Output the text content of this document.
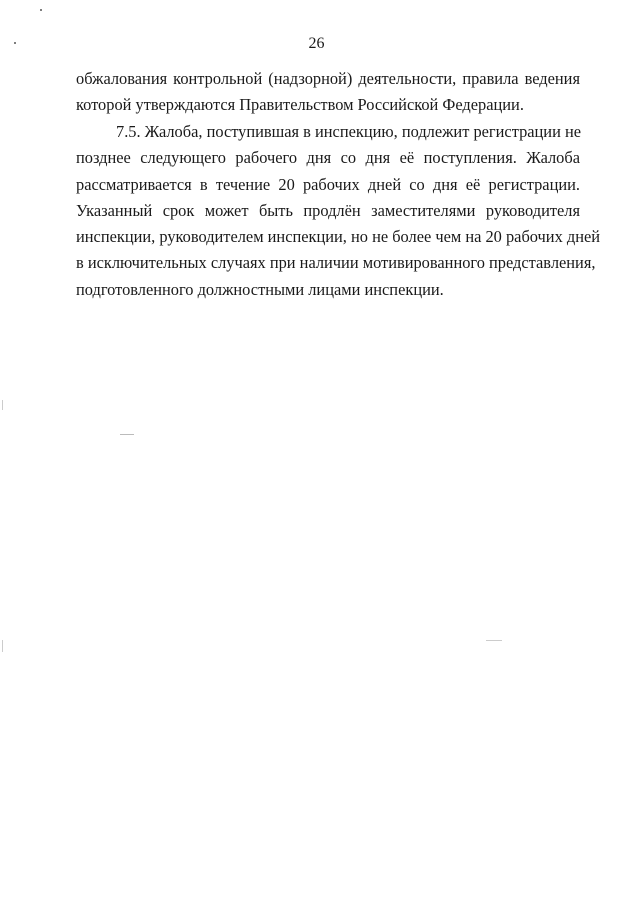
26
обжалования контрольной (надзорной) деятельности, правила ведения
которой утверждаются Правительством Российской Федерации.
7.5. Жалоба, поступившая в инспекцию, подлежит регистрации не
позднее следующего рабочего дня со дня её поступления. Жалоба
рассматривается в течение 20 рабочих дней со дня её регистрации.
Указанный срок может быть продлён заместителями руководителя
инспекции, руководителем инспекции, но не более чем на 20 рабочих дней
в исключительных случаях при наличии мотивированного представления,
подготовленного должностными лицами инспекции.
